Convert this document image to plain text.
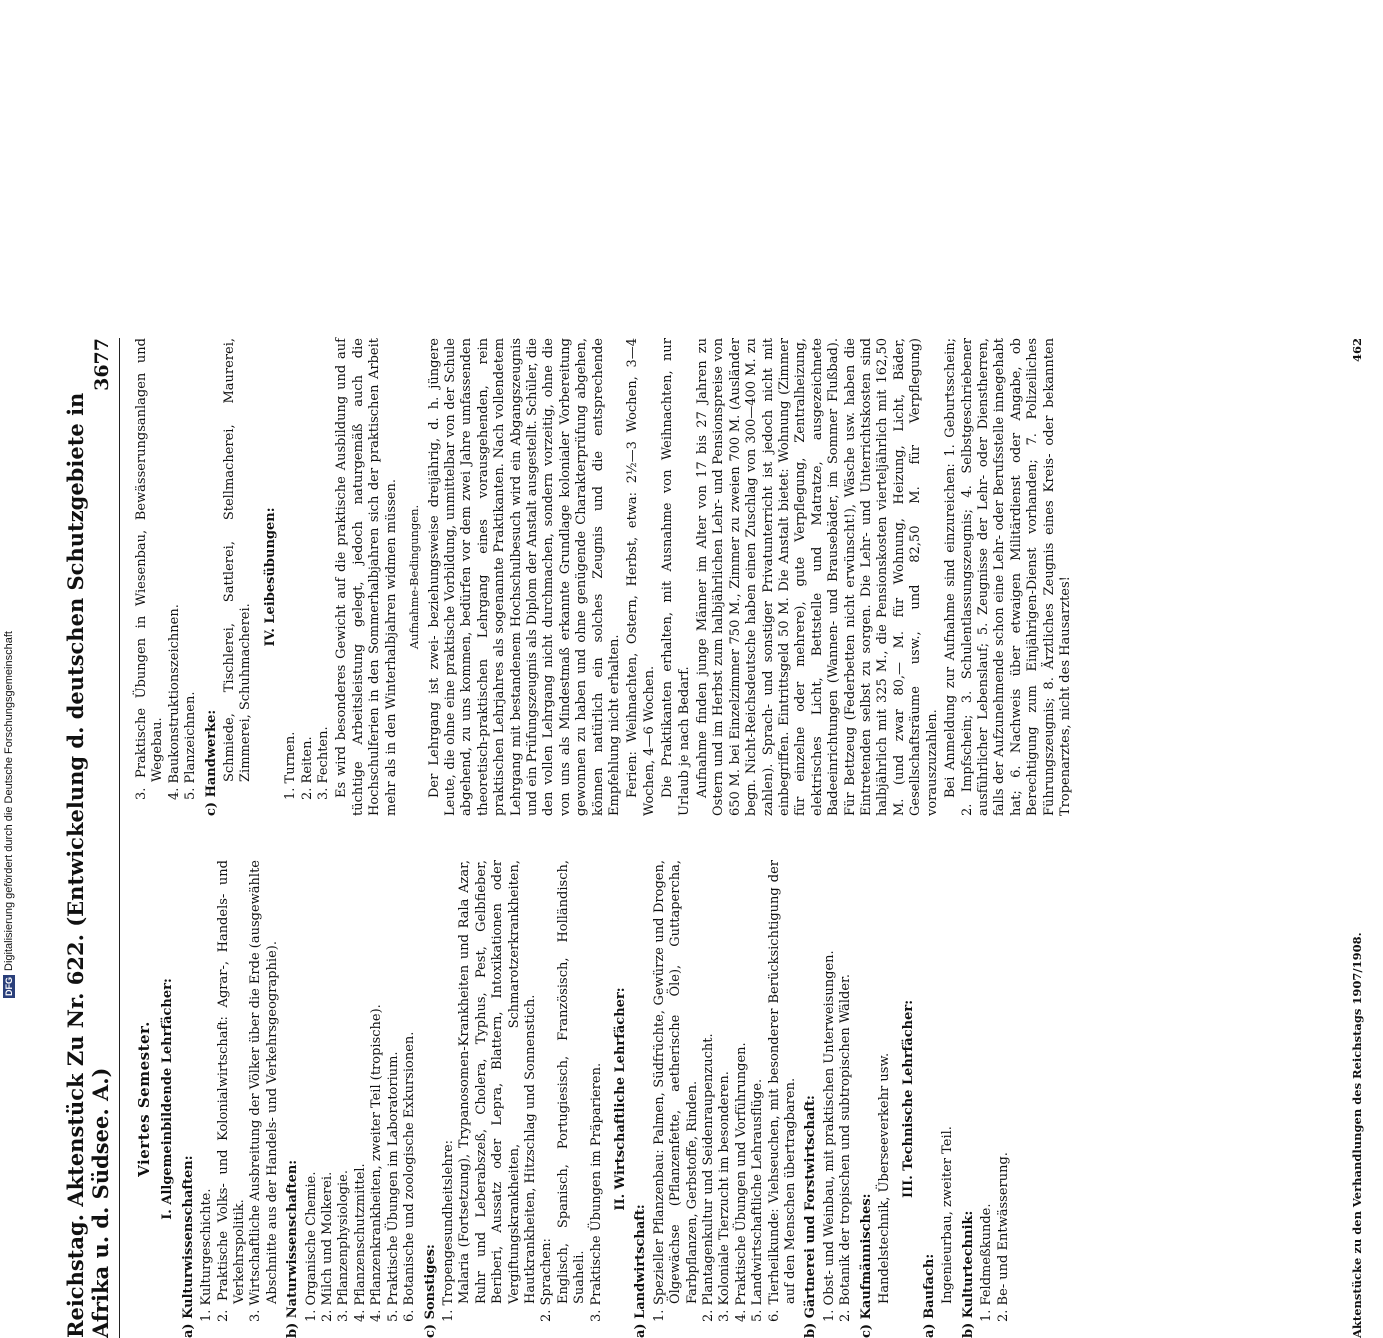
DFG
Digitalisierung gefördert durch die Deutsche Forschungsgemeinschaft Reichstag. Aktenstück Zu Nr. 622. (Entwickelung d. deutschen Schutzgebiete in Afrika u. d. Südsee. A.)
3677
Viertes Semester. I. Allgemeinbildende Lehrfächer:
a) Kulturwissenschaften: 1. Kulturgeschichte. 2. Praktische Volks- und Kolonialwirtschaft: Agrar-, Handels- und Verkehrspolitik. 3. Wirtschaftliche Ausbreitung der Völker über die Erde (ausgewählte Abschnitte aus der Handels- und Verkehrsgeographie). b) Naturwissenschaften: 1. Organische Chemie. 2. Milch und Molkerei. 3. Pflanzenphysiologie. 4. Pflanzenschutzmittel. 4. Pflanzenkrankheiten, zweiter Teil (tropische). 5. Praktische Übungen im Laboratorium. 6. Botanische und zoologische Exkursionen. c) Sonstiges: 1. Tropengesundheitslehre: Malaria (Fortsetzung), Trypanosomen-Krankheiten und Rala Azar, Ruhr und Leberabszeß, Cholera, Typhus, Pest, Gelbfieber, Beriberi, Aussatz oder Lepra, Blattern, Intoxikationen oder Vergiftungskrankheiten, Schmarotzerkrankheiten, Hautkrankheiten, Hitzschlag und Sonnenstich. 2. Sprachen: Englisch, Spanisch, Portugiesisch, Französisch, Holländisch, Suaheli. 3. Praktische Übungen im Präparieren. II. Wirtschaftliche Lehrfächer:
a) Landwirtschaft: 1. Spezieller Pflanzenbau: Palmen, Südfrüchte, Gewürze und Drogen, Ölgewächse (Pflanzenfette, aetherische Öle), Guttapercha, Farbpflanzen, Gerbstoffe, Rinden. 2. Plantagenkultur und Seidenraupenzucht. 3. Koloniale Tierzucht im besonderen. 4. Praktische Übungen und Vorführungen. 5. Landwirtschaftliche Lehrausflüge. 6. Tierheilkunde: Viehseuchen, mit besonderer Berücksichtigung der auf den Menschen übertragbaren. b) Gärtnerei und Forstwirtschaft: 1. Obst- und Weinbau, mit praktischen Unterweisungen. 2. Botanik der tropischen und subtropischen Wälder. c) Kaufmännisches: Handelstechnik, Überseeverkehr usw. III. Technische Lehrfächer:
a) Baufach: Ingenieurbau, zweiter Teil. b) Kulturtechnik: 1. Feldmeßkunde. 2. Be- und Entwässerung.

3. Praktische Übungen in Wiesenbau, Bewässerungsanlagen und Wegebau. 4. Baukonstruktionszeichnen. 5. Planzeichnen. c) Handwerke: Schmiede, Tischlerei, Sattlerei, Stellmacherei, Maurerei, Zimmerei, Schuhmacherei.

IV. Leibesübungen:

1. Turnen. 2. Reiten. 3. Fechten. Es wird besonderes Gewicht auf die praktische Ausbildung und auf tüchtige Arbeitsleistung gelegt, jedoch naturgemäß auch die Hochschulferien in den Sommerhalbjahren sich der praktischen Arbeit mehr als in den Winterhalbjahren widmen müssen. Aufnahme-Bedingungen. Der Lehrgang ist zwei- beziehungsweise dreijährig, d. h. jüngere Leute, die ohne eine praktische Vorbildung, unmittelbar von der Schule abgehend, zu uns kommen, bedürfen vor dem zwei Jahre umfassenden theoretisch-praktischen Lehrgang eines vorausgehenden, rein praktischen Lehrjahres als sogenannte Praktikanten. Nach vollendetem Lehrgang mit bestandenem Hochschulbesuch wird ein Abgangszeugnis und ein Prüfungszeugnis als Diplom der Anstalt ausgestellt. Schüler, die den vollen Lehrgang nicht durchmachen, sondern vorzeitig, ohne die von uns als Mindestmaß erkannte Grundlage kolonialer Vorbereitung gewonnen zu haben und ohne genügende Charakterprüfung abgehen, können natürlich ein solches Zeugnis und die entsprechende Empfehlung nicht erhalten. Ferien: Weihnachten, Ostern, Herbst, etwa: 2½—3 Wochen, 3—4 Wochen, 4—6 Wochen. Die Praktikanten erhalten, mit Ausnahme von Weihnachten, nur Urlaub je nach Bedarf. Aufnahme finden junge Männer im Alter von 17 bis 27 Jahren zu Ostern und im Herbst zum halbjährlichen Lehr- und Pensionspreise von 650 M. bei Einzelzimmer 750 M., Zimmer zu zweien 700 M. (Ausländer begn. Nicht-Reichsdeutsche haben einen Zuschlag von 300—400 M. zu zahlen). Sprach- und sonstiger Privatunterricht ist jedoch nicht mit einbegriffen. Eintrittsgeld 50 M. Die Anstalt bietet: Wohnung (Zimmer für einzelne oder mehrere), gute Verpflegung, Zentralheizung, elektrisches Licht, Bettstelle und Matratze, ausgezeichnete Badeeinrichtungen (Wannen- und Brausebäder, im Sommer Flußbad). Für Bettzeug (Federbetten nicht erwünscht!), Wäsche usw. haben die Eintretenden selbst zu sorgen. Die Lehr- und Unterrichtskosten sind halbjährlich mit 325 M., die Pensionskosten vierteljährlich mit 162,50 M. (und zwar 80,— M. für Wohnung, Heizung, Licht, Bäder, Gesellschaftsräume usw., und 82,50 M. für Verpflegung) vorauszuzahlen. Bei Anmeldung zur Aufnahme sind einzureichen: 1. Geburtsschein; 2. Impfschein; 3. Schulentlassungszeugnis; 4. Selbstgeschriebener ausführlicher Lebenslauf; 5. Zeugnisse der Lehr- oder Dienstherren, falls der Aufzunehmende schon eine Lehr- oder Berufsstelle innegehabt hat; 6. Nachweis über etwaigen Militärdienst oder Angabe, ob Berechtigung zum Einjährigen-Dienst vorhanden; 7. Polizeiliches Führungszeugnis; 8. Ärztliches Zeugnis eines Kreis- oder bekannten Tropenarztes, nicht des Hausarztes!

Aktenstücke zu den Verhandlungen des Reichstags 1907/1908.
462
